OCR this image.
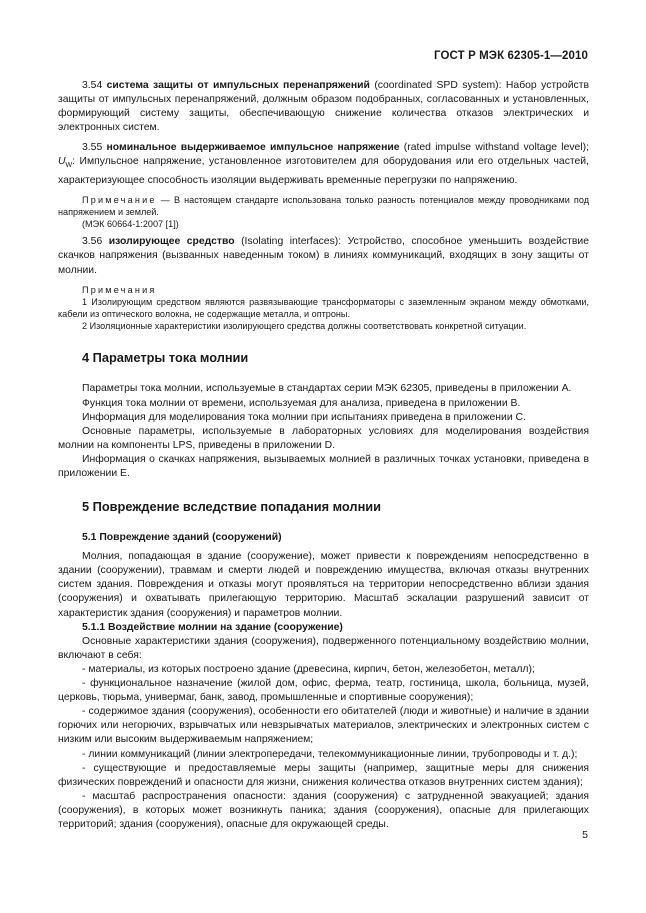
ГОСТ Р МЭК 62305-1—2010

3.54 система защиты от импульсных перенапряжений (coordinated SPD system): Набор устройств защиты от импульсных перенапряжений, должным образом подобранных, согласованных и установленных, формирующий систему защиты, обеспечивающую снижение количества отказов электрических и электронных систем.

3.55 номинальное выдерживаемое импульсное напряжение (rated impulse withstand voltage level); $U_W$: Импульсное напряжение, установленное изготовителем для оборудования или его отдельных частей, характеризующее способность изоляции выдерживать временные перегрузки по напряжению.

Примечание — В настоящем стандарте использована только разность потенциалов между проводниками под напряжением и землей.

(МЭК 60664-1:2007 [1])

3.56 изолирующее средство (Isolating interfaces): Устройство, способное уменьшить воздействие скачков напряжения (вызванных наведенным током) в линиях коммуникаций, входящих в зону защиты от молнии.

Примечания

1 Изолирующим средством являются развязывающие трансформаторы с заземленным экраном между обмотками, кабели из оптического волокна, не содержащие металла, и оптроны.

2 Изоляционные характеристики изолирующего средства должны соответствовать конкретной ситуации.

4 Параметры тока молнии

Параметры тока молнии, используемые в стандартах серии МЭК 62305, приведены в приложении А.

Функция тока молнии от времени, используемая для анализа, приведена в приложении В.

Информация для моделирования тока молнии при испытаниях приведена в приложении С.

Основные параметры, используемые в лабораторных условиях для моделирования воздействия молнии на компоненты LPS, приведены в приложении D.

Информация о скачках напряжения, вызываемых молнией в различных точках установки, приведена в приложении Е.

5 Повреждение вследствие попадания молнии
5.1 Повреждение зданий (сооружений)

Молния, попадающая в здание (сооружение), может привести к повреждениям непосредственно в здании (сооружении), травмам и смерти людей и повреждению имущества, включая отказы внутренних систем здания. Повреждения и отказы могут проявляться на территории непосредственно вблизи здания (сооружения) и охватывать прилегающую территорию. Масштаб эскалации разрушений зависит от характеристик здания (сооружения) и параметров молнии.

5.1.1 Воздействие молнии на здание (сооружение)

Основные характеристики здания (сооружения), подверженного потенциальному воздействию молнии, включают в себя:

- материалы, из которых построено здание (древесина, кирпич, бетон, железобетон, металл);

- функциональное назначение (жилой дом, офис, ферма, театр, гостиница, школа, больница, музей, церковь, тюрьма, универмаг, банк, завод, промышленные и спортивные сооружения);

- содержимое здания (сооружения), особенности его обитателей (люди и животные) и наличие в здании горючих или негорючих, взрывчатых или невзрывчатых материалов, электрических и электронных систем с низким или высоким выдерживаемым напряжением;

- линии коммуникаций (линии электропередачи, телекоммуникационные линии, трубопроводы и т. д.);

- существующие и предоставляемые меры защиты (например, защитные меры для снижения физических повреждений и опасности для жизни, снижения количества отказов внутренних систем здания);

- масштаб распространения опасности: здания (сооружения) с затрудненной эвакуацией; здания (сооружения), в которых может возникнуть паника; здания (сооружения), опасные для прилегающих территорий; здания (сооружения), опасные для окружающей среды.

5
